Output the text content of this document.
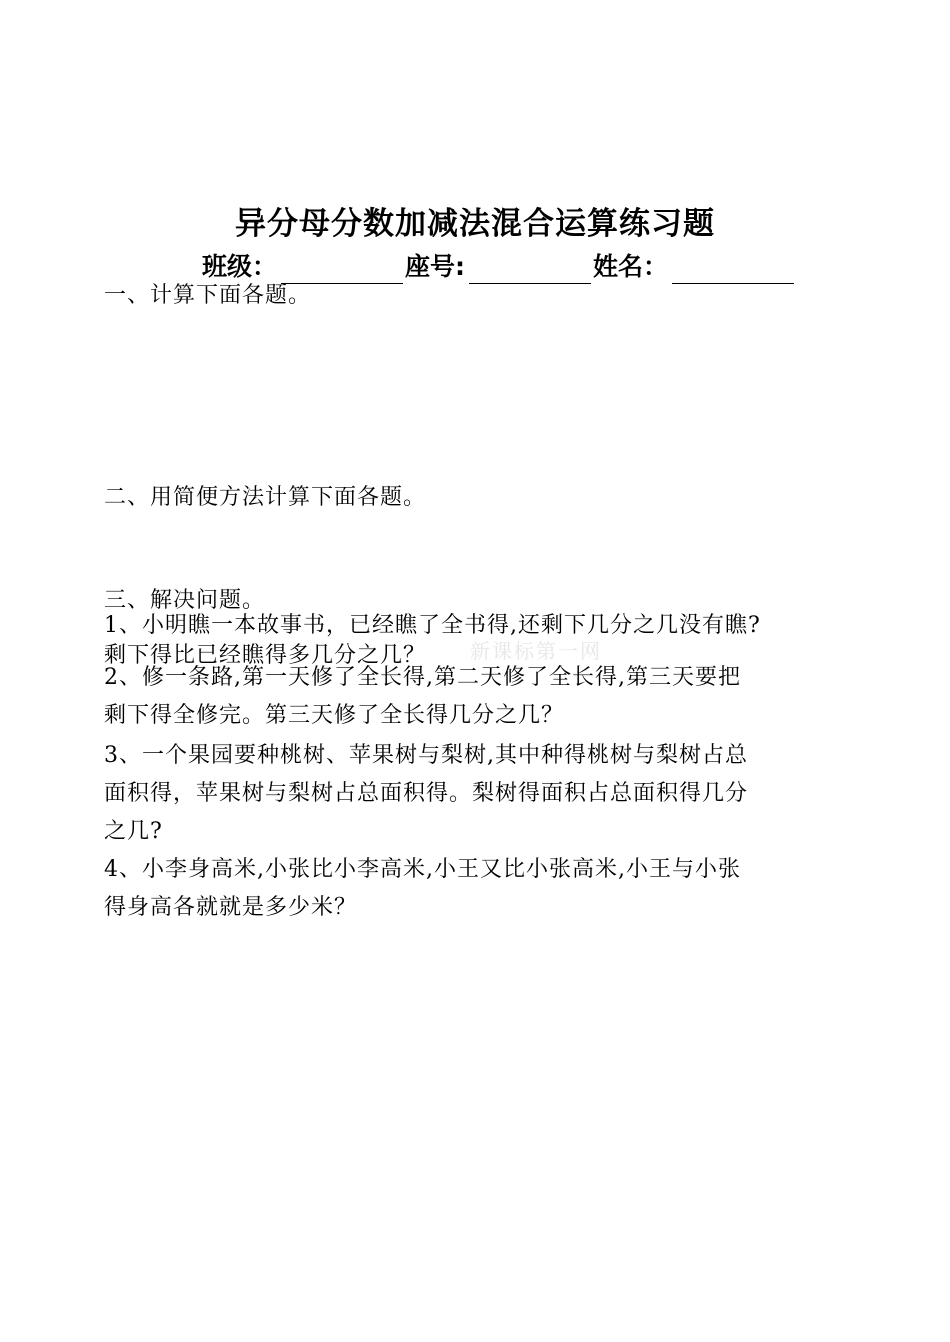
异分母分数加减法混合运算练习题
班级：	座号:	姓名：

一、计算下面各题。

二、用简便方法计算下面各题。

三、解决问题。

新课标第一网
1、小明瞧一本故事书，已经瞧了全书得,还剩下几分之几没有瞧?
剩下得比已经瞧得多几分之几？
2、修一条路,第一天修了全长得,第二天修了全长得,第三天要把
剩下得全修完。第三天修了全长得几分之几？
3、一个果园要种桃树、苹果树与梨树,其中种得桃树与梨树占总
面积得，苹果树与梨树占总面积得。梨树得面积占总面积得几分
之几?
4、小李身高米,小张比小李高米,小王又比小张高米,小王与小张
得身高各就就是多少米？
